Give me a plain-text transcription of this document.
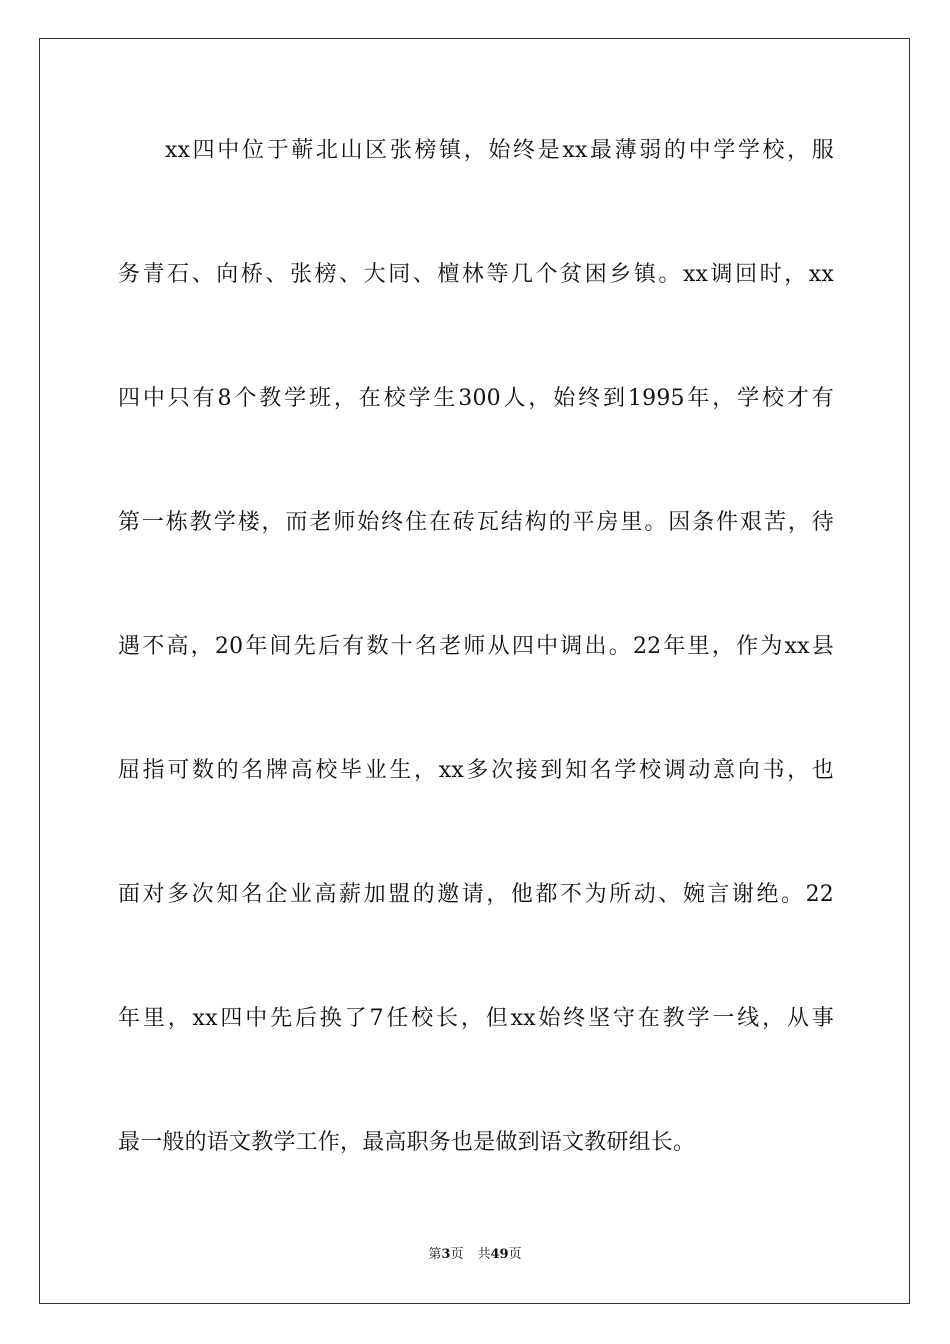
xx四中位于蕲北山区张榜镇，始终是xx最薄弱的中学学校，服
务青石、向桥、张榜、大同、檀林等几个贫困乡镇。xx调回时，xx
四中只有8个教学班，在校学生300人，始终到1995年，学校才有
第一栋教学楼，而老师始终住在砖瓦结构的平房里。因条件艰苦，待
遇不高，20年间先后有数十名老师从四中调出。22年里，作为xx县
屈指可数的名牌高校毕业生，xx多次接到知名学校调动意向书，也
面对多次知名企业高薪加盟的邀请，他都不为所动、婉言谢绝。22
年里，xx四中先后换了7任校长，但xx始终坚守在教学一线，从事
最一般的语文教学工作，最高职务也是做到语文教研组长。
第3页 共49页
